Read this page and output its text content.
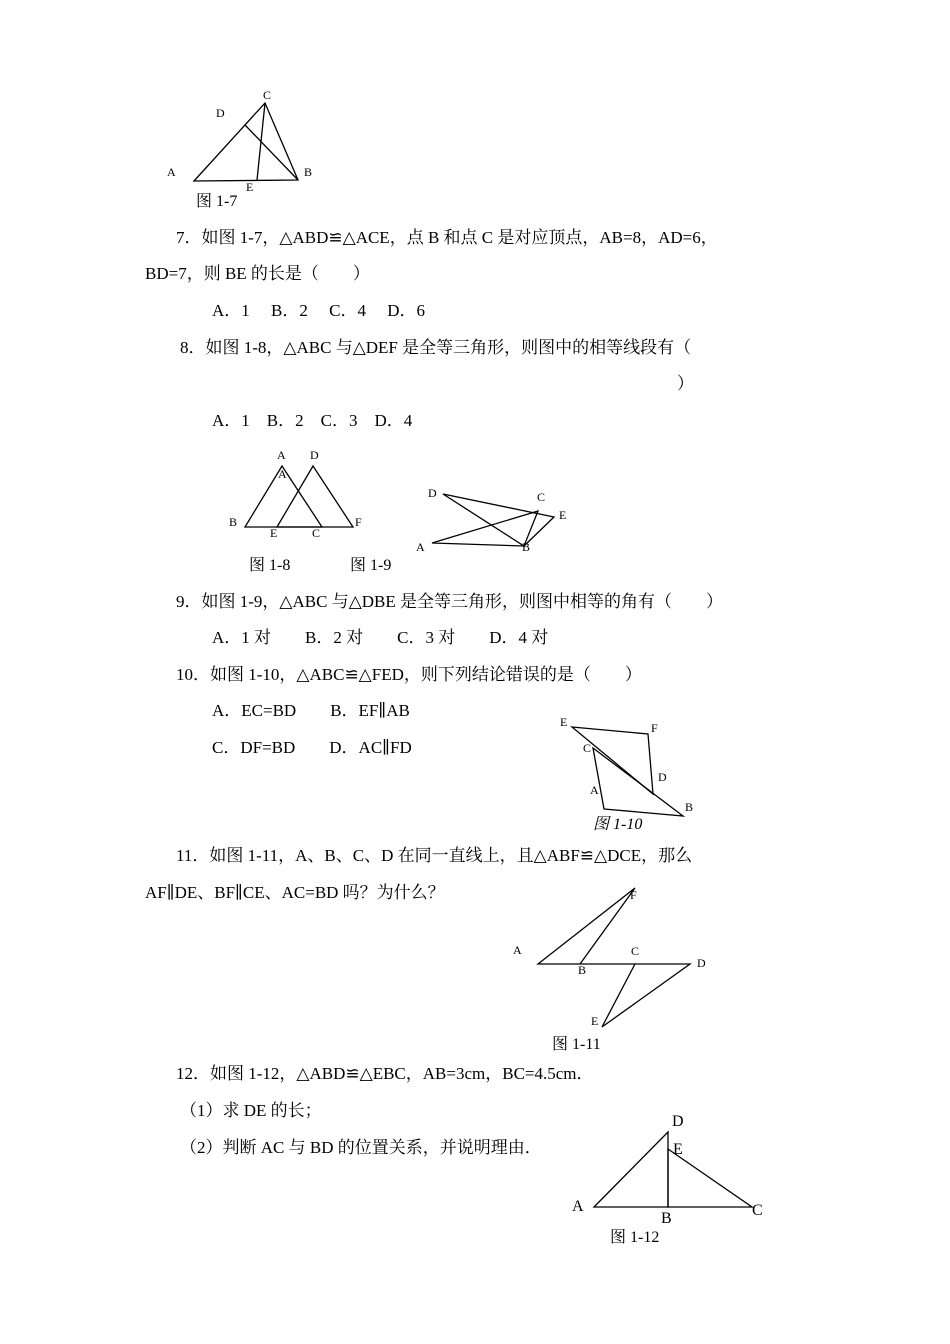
A	B
C
D
E
图 1-7
7．如图 1-7，△ABD≌△ACE，点 B 和点 C 是对应顶点，AB=8，AD=6，
BD=7，则 BE 的长是（　　）
A．1　 B．2　 C．4　 D．6
8．如图 1-8，△ABC 与△DEF 是全等三角形，则图中的相等线段有（
）
A．1　B．2　C．3　D．4
A
A
D
B
E	C
F
图 1-8
A	B
C
D
E
图 1-9
9．如图 1-9，△ABC 与△DBE 是全等三角形，则图中相等的角有（　　）
A．1 对　　B．2 对　　C．3 对　　D．4 对
10．如图 1-10，△ABC≌△FED，则下列结论错误的是（　　）
A．EC=BD　　B．EF∥AB
C．DF=BD　　D．AC∥FD
E	F
C
D
A
B
图 1-10
11．如图 1-11，A、B、C、D 在同一直线上，且△ABF≌△DCE，那么
AF∥DE、BF∥CE、AC=BD 吗？为什么？
A
B
C
D
E
F
图 1-11
12．如图 1-12，△ABD≌△EBC，AB=3cm，BC=4.5cm．
（1）求 DE 的长；
（2）判断 AC 与 BD 的位置关系，并说明理由．
A
B	C
D
E
图 1-12
